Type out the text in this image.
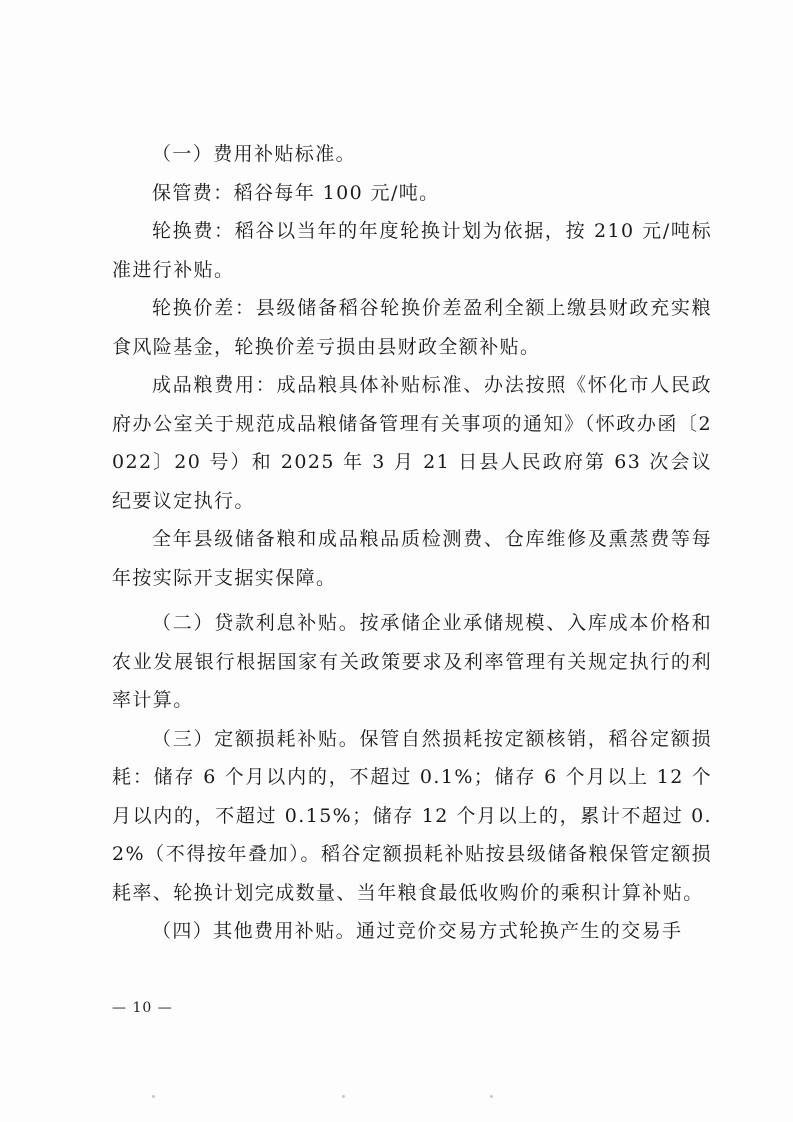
（一）费用补贴标准。

保管费：稻谷每年 100 元/吨。

轮换费：稻谷以当年的年度轮换计划为依据，按 210 元/吨标准进行补贴。

轮换价差：县级储备稻谷轮换价差盈利全额上缴县财政充实粮食风险基金，轮换价差亏损由县财政全额补贴。

成品粮费用：成品粮具体补贴标准、办法按照《怀化市人民政府办公室关于规范成品粮储备管理有关事项的通知》（怀政办函〔2022〕20 号）和 2025 年 3 月 21 日县人民政府第 63 次会议纪要议定执行。

全年县级储备粮和成品粮品质检测费、仓库维修及熏蒸费等每年按实际开支据实保障。

（二）贷款利息补贴。按承储企业承储规模、入库成本价格和农业发展银行根据国家有关政策要求及利率管理有关规定执行的利率计算。

（三）定额损耗补贴。保管自然损耗按定额核销，稻谷定额损耗：储存 6 个月以内的，不超过 0.1%；储存 6 个月以上 12 个月以内的，不超过 0.15%；储存 12 个月以上的，累计不超过 0.2%（不得按年叠加）。稻谷定额损耗补贴按县级储备粮保管定额损耗率、轮换计划完成数量、当年粮食最低收购价的乘积计算补贴。

（四）其他费用补贴。通过竞价交易方式轮换产生的交易手

— 10 —
